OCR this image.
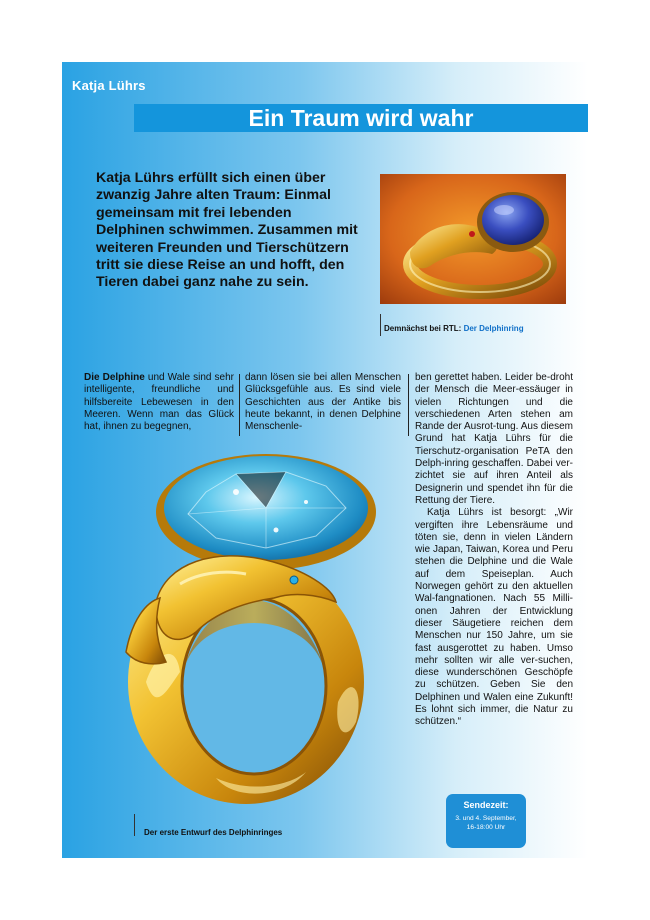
Katja Lührs
Ein Traum wird wahr
Katja Lührs erfüllt sich einen über zwanzig Jahre alten Traum: Einmal gemeinsam mit frei lebenden Delphinen schwimmen. Zusammen mit weiteren Freunden und Tierschützern tritt sie diese Reise an und hofft, den Tieren dabei ganz nahe zu sein.
Demnächst bei RTL: Der Delphinring

Die Delphine und Wale sind sehr intelligente, freundliche und hilfsbereite Lebewesen in den Meeren. Wenn man das Glück hat, ihnen zu begegnen,

dann lösen sie bei allen Menschen Glücksgefühle aus. Es sind viele Geschichten aus der Antike bis heute bekannt, in denen Delphine Menschenle-

ben gerettet haben. Leider be-droht der Mensch die Meer-essäuger in vielen Richtungen und die verschiedenen Arten stehen am Rande der Ausrot-tung. Aus diesem Grund hat Katja Lührs für die Tierschutz-organisation PeTA den Delph-inring geschaffen. Dabei ver-zichtet sie auf ihren Anteil als Designerin und spendet ihn für die Rettung der Tiere.

Katja Lührs ist besorgt: „Wir vergiften ihre Lebensräume und töten sie, denn in vielen Ländern wie Japan, Taiwan, Korea und Peru stehen die Delphine und die Wale auf dem Speiseplan. Auch Norwegen gehört zu den aktuellen Wal-fangnationen. Nach 55 Milli-onen Jahren der Entwicklung dieser Säugetiere reichen dem Menschen nur 150 Jahre, um sie fast ausgerottet zu haben. Umso mehr sollten wir alle ver-suchen, diese wunderschönen Geschöpfe zu schützen. Geben Sie den Delphinen und Walen eine Zukunft! Es lohnt sich immer, die Natur zu schützen.“

Der erste Entwurf des Delphinringes
Sendezeit:
3. und 4. September,
16-18:00 Uhr
